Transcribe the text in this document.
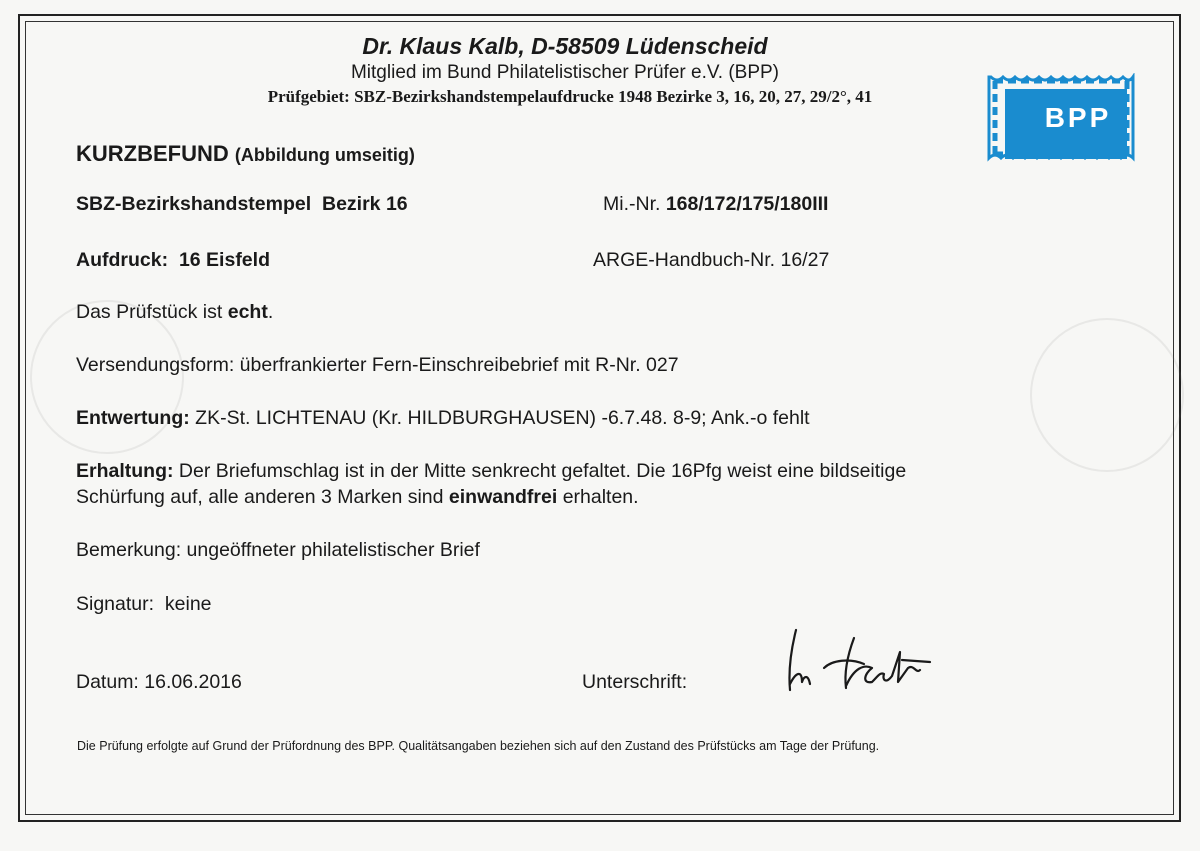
Dr. Klaus Kalb, D-58509 Lüdenscheid
Mitglied im Bund Philatelistischer Prüfer e.V. (BPP)
Prüfgebiet: SBZ-Bezirkshandstempelaufdrucke 1948 Bezirke 3, 16, 20, 27, 29/2°, 41
BPP
KURZBEFUND (Abbildung umseitig)
SBZ-Bezirkshandstempel Bezirk 16	Mi.-Nr. 168/172/175/180III
Aufdruck: 16 Eisfeld	ARGE-Handbuch-Nr. 16/27
Das Prüfstück ist echt.
Versendungsform: überfrankierter Fern-Einschreibebrief mit R-Nr. 027
Entwertung: ZK-St. LICHTENAU (Kr. HILDBURGHAUSEN) -6.7.48. 8-9; Ank.-o fehlt
Erhaltung: Der Briefumschlag ist in der Mitte senkrecht gefaltet. Die 16Pfg weist eine bildseitige
Schürfung auf, alle anderen 3 Marken sind einwandfrei erhalten.
Bemerkung: ungeöffneter philatelistischer Brief
Signatur: keine
Datum: 16.06.2016	Unterschrift:
Die Prüfung erfolgte auf Grund der Prüfordnung des BPP. Qualitätsangaben beziehen sich auf den Zustand des Prüfstücks am Tage der Prüfung.
